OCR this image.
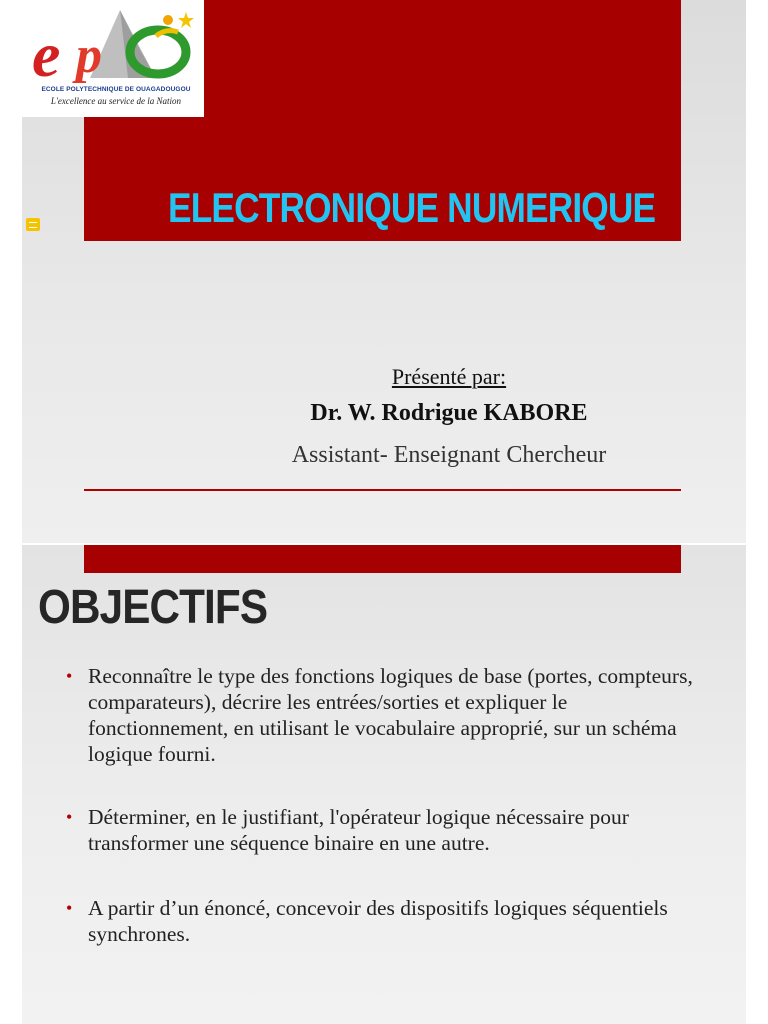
e p
ECOLE POLYTECHNIQUE DE OUAGADOUGOU
L'excellence au service de la Nation
ELECTRONIQUE NUMERIQUE
Présenté par:
Dr. W. Rodrigue KABORE
Assistant- Enseignant Chercheur
OBJECTIFS
• Reconnaître le type des fonctions logiques de base (portes, compteurs, comparateurs), décrire les entrées/sorties et expliquer le fonctionnement, en utilisant le vocabulaire approprié, sur un schéma logique fourni.
• Déterminer, en le justifiant, l'opérateur logique nécessaire pour transformer une séquence binaire en une autre.
• A partir d’un énoncé, concevoir des dispositifs logiques séquentiels synchrones.
